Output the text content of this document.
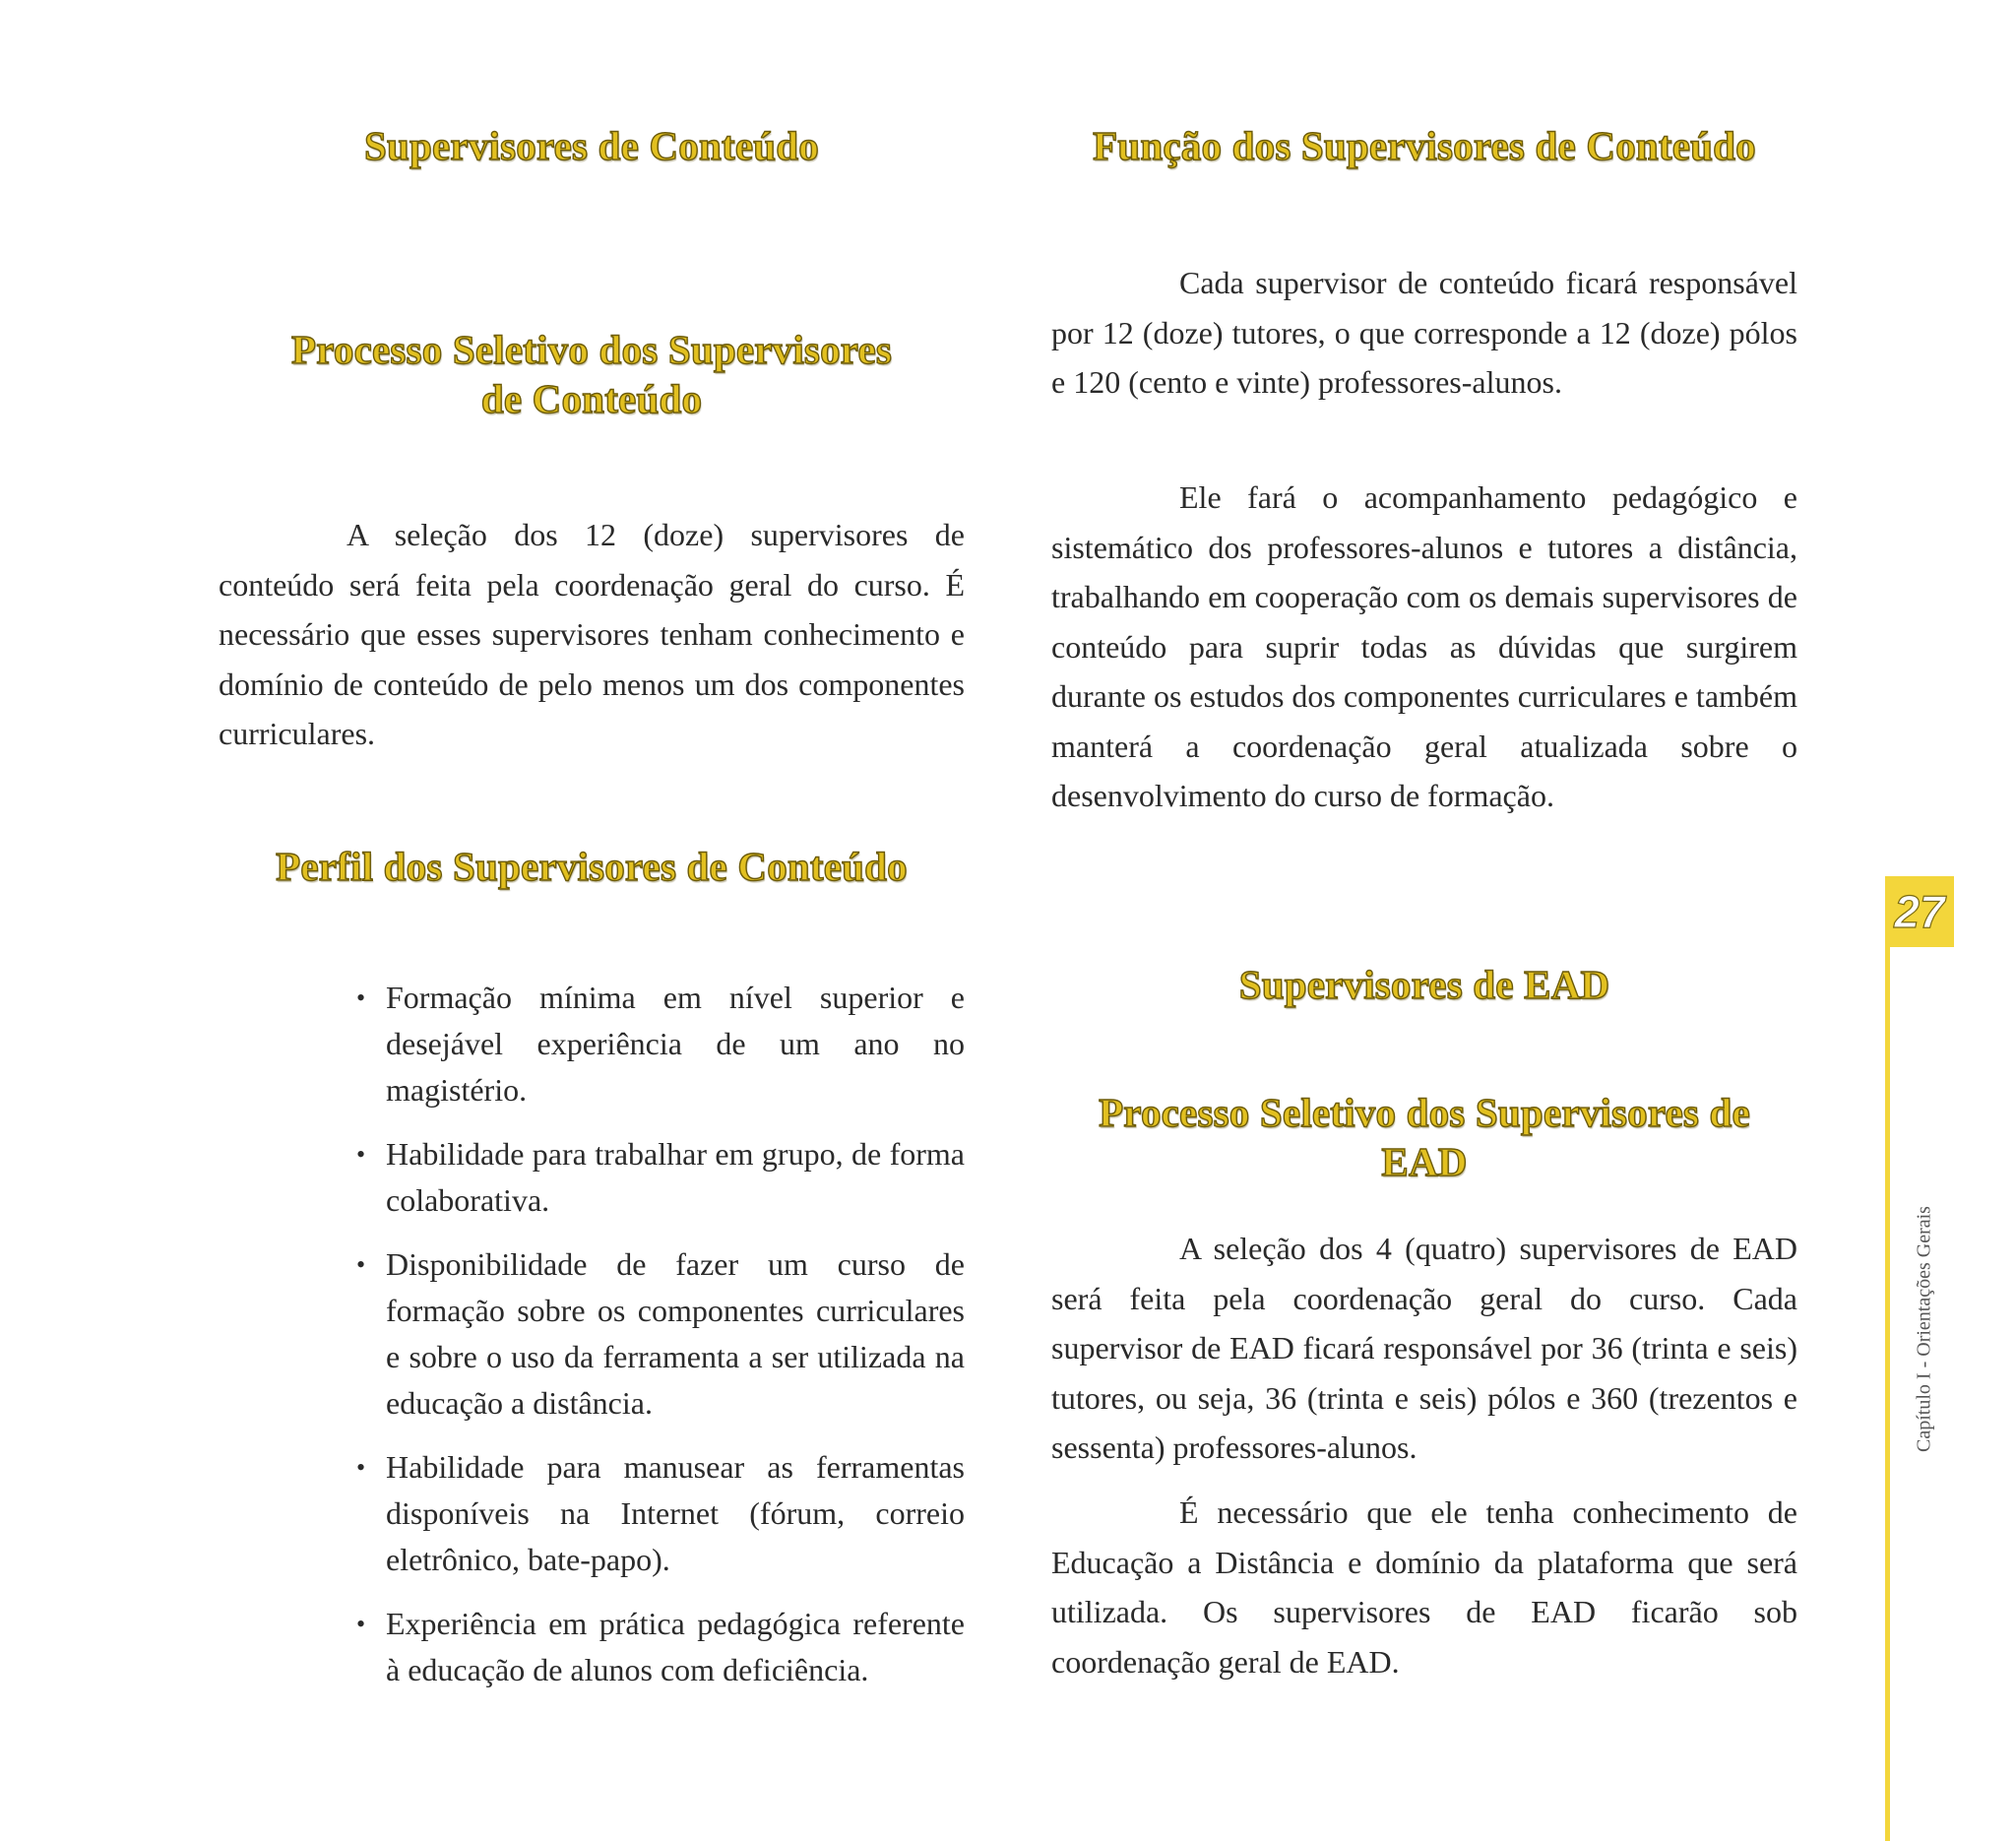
Supervisores de Conteúdo
Processo Seletivo dos Supervisores de Conteúdo

A seleção dos 12 (doze) supervisores de conteúdo será feita pela coordenação geral do curso. É necessário que esses supervisores tenham conhecimento e domínio de conteúdo de pelo menos um dos componentes curriculares.

Perfil dos Supervisores de Conteúdo
• Formação mínima em nível superior e desejável experiência de um ano no magistério.
• Habilidade para trabalhar em grupo, de forma colaborativa.
• Disponibilidade de fazer um curso de formação sobre os componentes curriculares e sobre o uso da ferramenta a ser utilizada na educação a distância.
• Habilidade para manusear as ferramentas disponíveis na Internet (fórum, correio eletrônico, bate-papo).
• Experiência em prática pedagógica referente à educação de alunos com deficiência.
Função dos Supervisores de Conteúdo

Cada supervisor de conteúdo ficará responsável por 12 (doze) tutores, o que corresponde a 12 (doze) pólos e 120 (cento e vinte) professores-alunos.

Ele fará o acompanhamento pedagógico e sistemático dos professores-alunos e tutores a distância, trabalhando em cooperação com os demais supervisores de conteúdo para suprir todas as dúvidas que surgirem durante os estudos dos componentes curriculares e também manterá a coordenação geral atualizada sobre o desenvolvimento do curso de formação.

Supervisores de EAD
Processo Seletivo dos Supervisores de EAD

A seleção dos 4 (quatro) supervisores de EAD será feita pela coordenação geral do curso. Cada supervisor de EAD ficará responsável por 36 (trinta e seis) tutores, ou seja, 36 (trinta e seis) pólos e 360 (trezentos e sessenta) professores-alunos.

É necessário que ele tenha conhecimento de Educação a Distância e domínio da plataforma que será utilizada. Os supervisores de EAD ficarão sob coordenação geral de EAD.

27
Capítulo I - Orientações Gerais
